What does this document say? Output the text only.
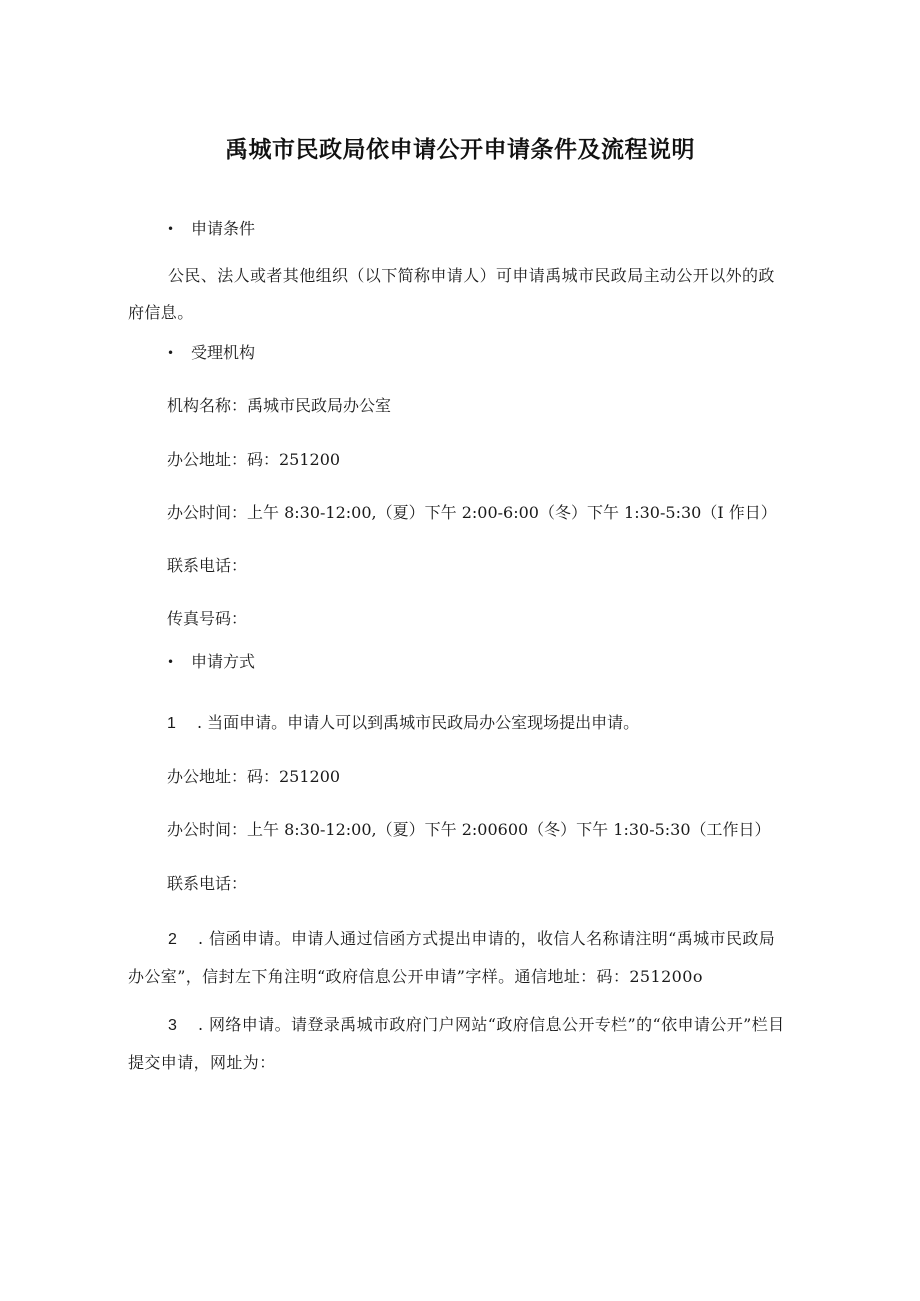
禹城市民政局依申请公开申请条件及流程说明
• 申请条件

公民、法人或者其他组织（以下简称申请人）可申请禹城市民政局主动公开以外的政府信息。

• 受理机构
机构名称：禹城市民政局办公室
办公地址：码：251200
办公时间：上午 8:30-12:00,（夏）下午 2:00-6:00（冬）下午 1:30-5:30（I 作日）
联系电话：
传真号码：
• 申请方式
1 . 当面申请。申请人可以到禹城市民政局办公室现场提出申请。
办公地址：码：251200
办公时间：上午 8:30-12:00,（夏）下午 2:00600（冬）下午 1:30-5:30（工作日）
联系电话：

2 . 信函申请。申请人通过信函方式提出申请的，收信人名称请注明“禹城市民政局办公室”，信封左下角注明“政府信息公开申请”字样。通信地址：码：251200o

3 . 网络申请。请登录禹城市政府门户网站“政府信息公开专栏”的“依申请公开”栏目提交申请，网址为：
